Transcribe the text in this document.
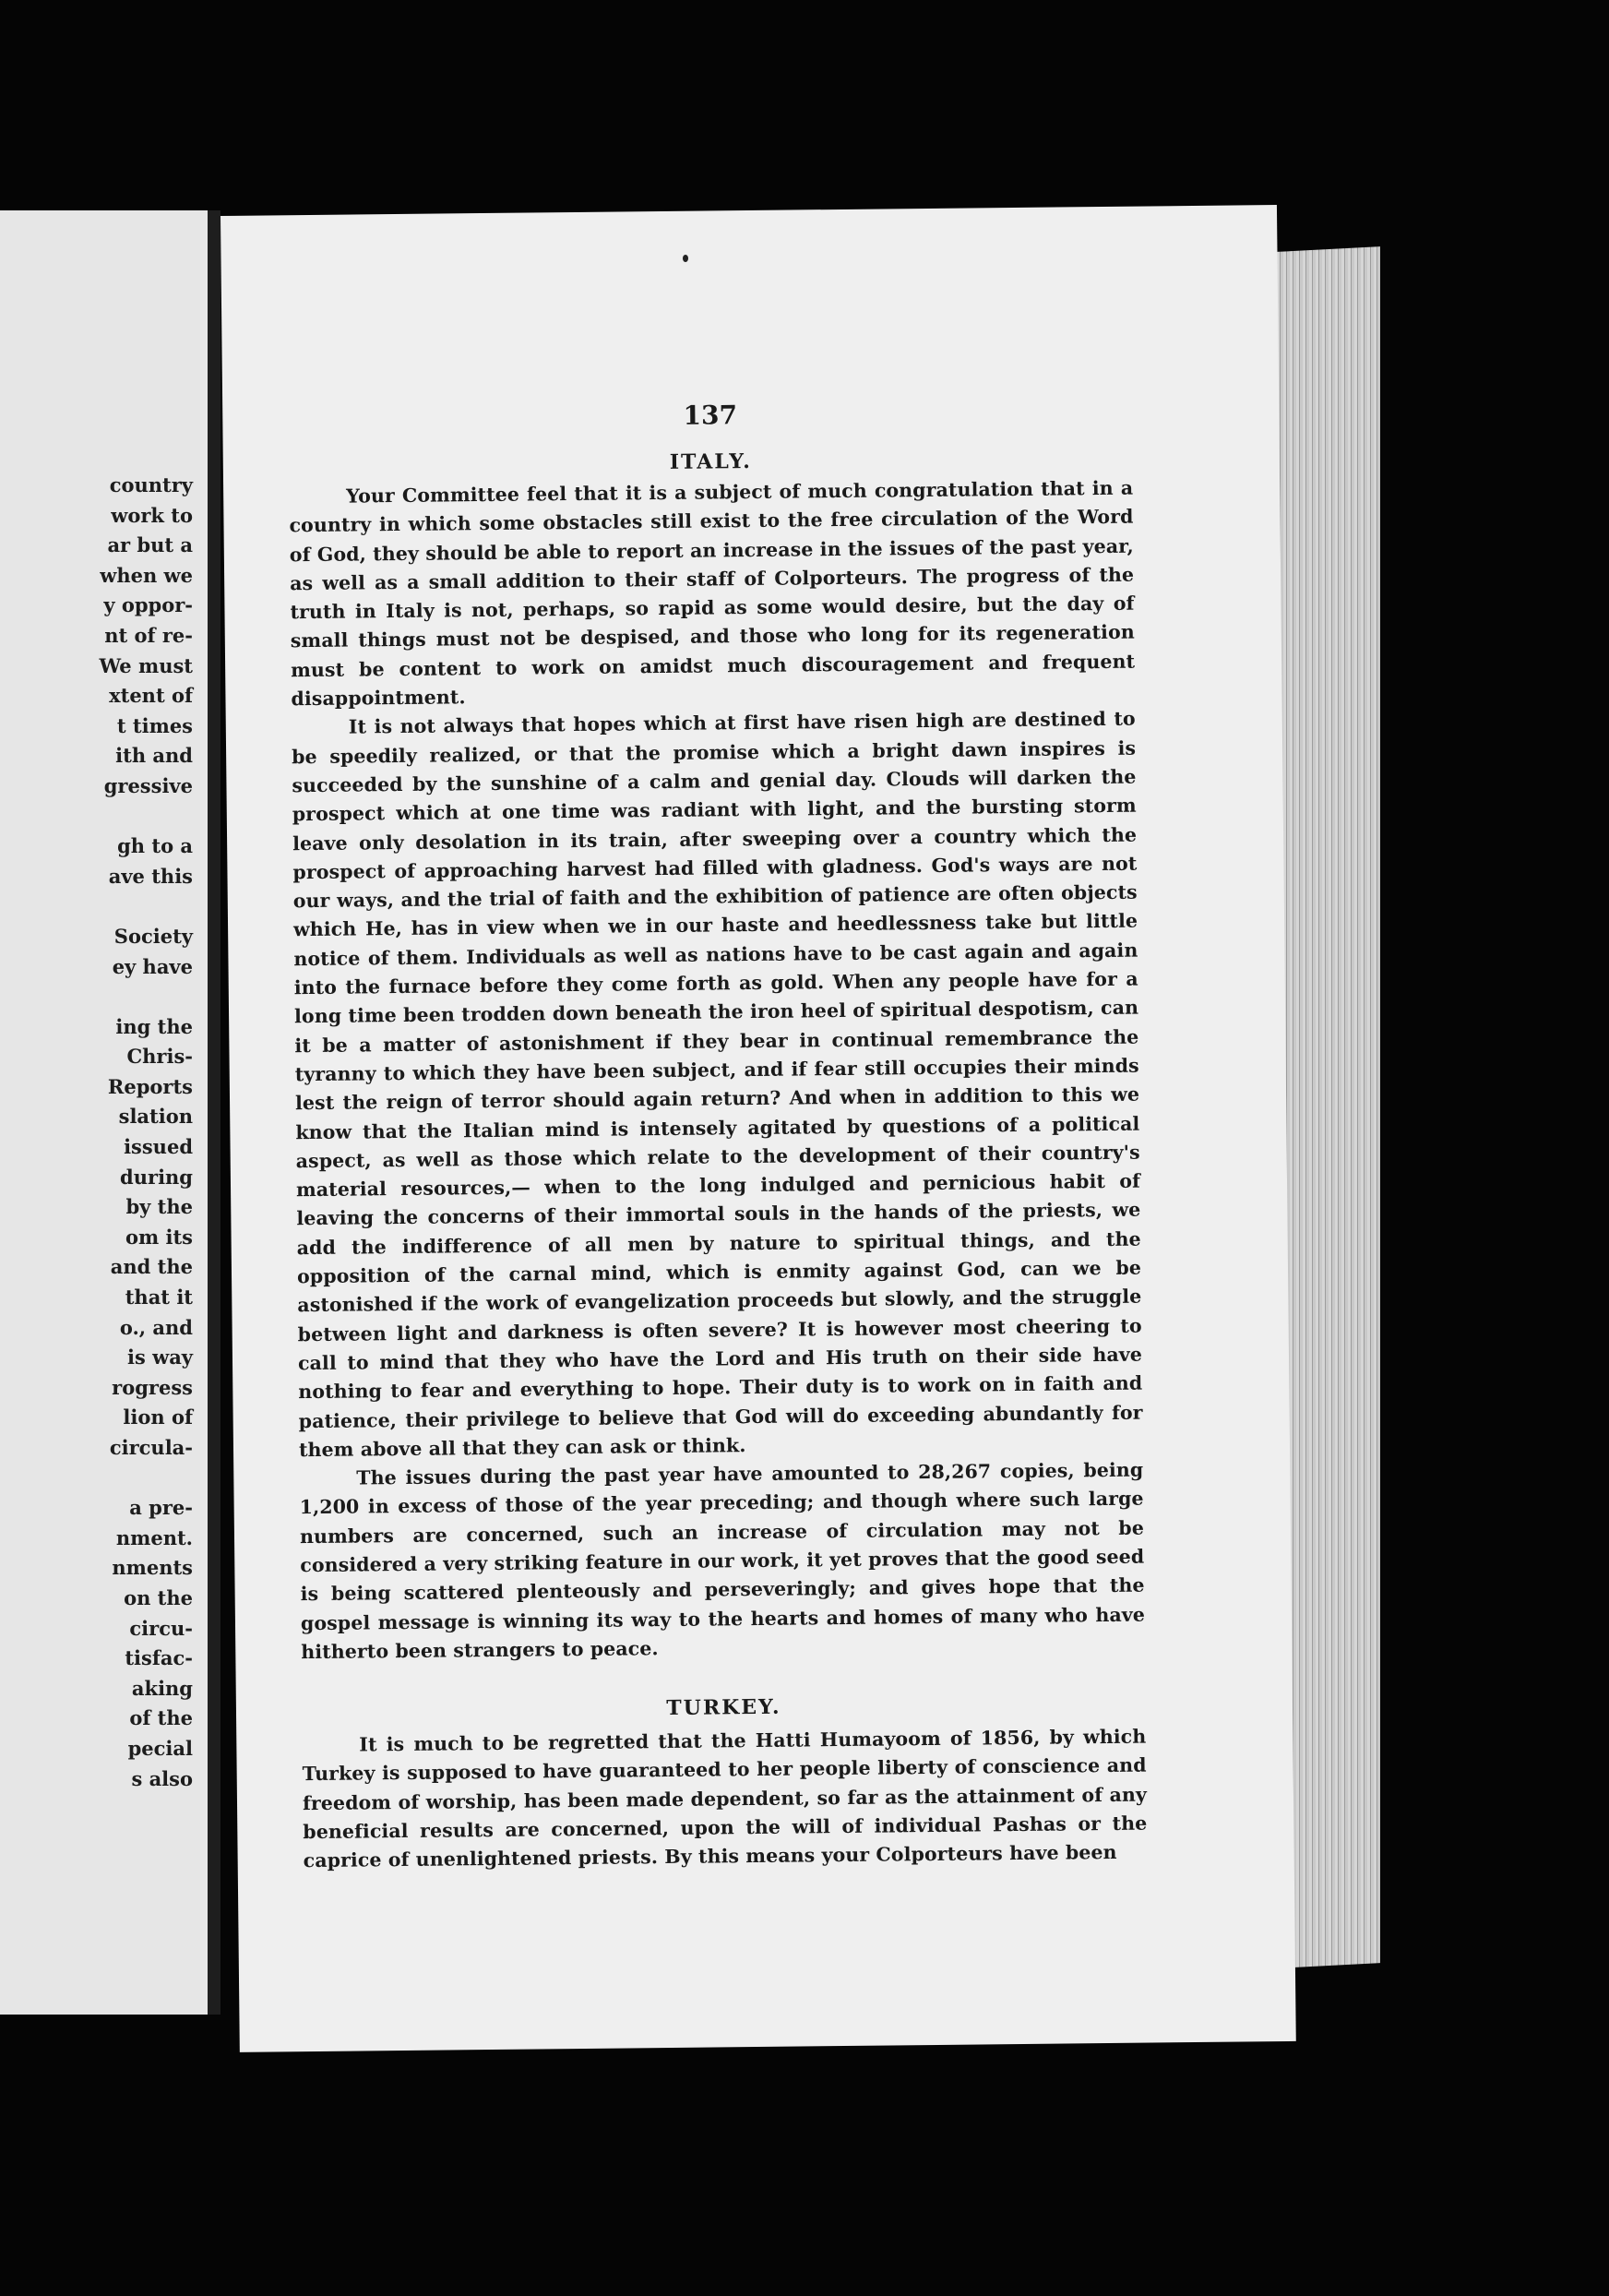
country
work to
ar but a
when we
y oppor-
nt of re-
We must
xtent of
t times
ith and
gressive
gh to a
ave this
Society
ey have
ing the
Chris-
Reports
slation
issued
during
by the
om its
and the
that it
o., and
is way
rogress
lion of
circula-
a pre-
nment.
nments
on the
circu-
tisfac-
aking
of the
pecial
s also
137
ITALY.

Your Committee feel that it is a subject of much congratulation that in a country in which some obstacles still exist to the free circulation of the Word of God, they should be able to report an increase in the issues of the past year, as well as a small addition to their staff of Colporteurs. The progress of the truth in Italy is not, perhaps, so rapid as some would desire, but the day of small things must not be despised, and those who long for its regeneration must be content to work on amidst much discouragement and frequent disappointment.

It is not always that hopes which at first have risen high are destined to be speedily realized, or that the promise which a bright dawn inspires is succeeded by the sunshine of a calm and genial day. Clouds will darken the prospect which at one time was radiant with light, and the bursting storm leave only desolation in its train, after sweeping over a country which the prospect of approaching harvest had filled with gladness. God's ways are not our ways, and the trial of faith and the exhibition of patience are often objects which He, has in view when we in our haste and heedlessness take but little notice of them. Individuals as well as nations have to be cast again and again into the furnace before they come forth as gold. When any people have for a long time been trodden down beneath the iron heel of spiritual despotism, can it be a matter of astonishment if they bear in continual remembrance the tyranny to which they have been subject, and if fear still occupies their minds lest the reign of terror should again return? And when in addition to this we know that the Italian mind is intensely agitated by questions of a political aspect, as well as those which relate to the development of their country's material resources,— when to the long indulged and pernicious habit of leaving the concerns of their immortal souls in the hands of the priests, we add the indifference of all men by nature to spiritual things, and the opposition of the carnal mind, which is enmity against God, can we be astonished if the work of evangelization proceeds but slowly, and the struggle between light and darkness is often severe? It is however most cheering to call to mind that they who have the Lord and His truth on their side have nothing to fear and everything to hope. Their duty is to work on in faith and patience, their privilege to believe that God will do exceeding abundantly for them above all that they can ask or think.

The issues during the past year have amounted to 28,267 copies, being 1,200 in excess of those of the year preceding; and though where such large numbers are concerned, such an increase of circulation may not be considered a very striking feature in our work, it yet proves that the good seed is being scattered plenteously and perseveringly; and gives hope that the gospel message is winning its way to the hearts and homes of many who have hitherto been strangers to peace.

TURKEY.

It is much to be regretted that the Hatti Humayoom of 1856, by which Turkey is supposed to have guaranteed to her people liberty of conscience and freedom of worship, has been made dependent, so far as the attainment of any beneficial results are concerned, upon the will of individual Pashas or the caprice of unenlightened priests. By this means your Colporteurs have been
